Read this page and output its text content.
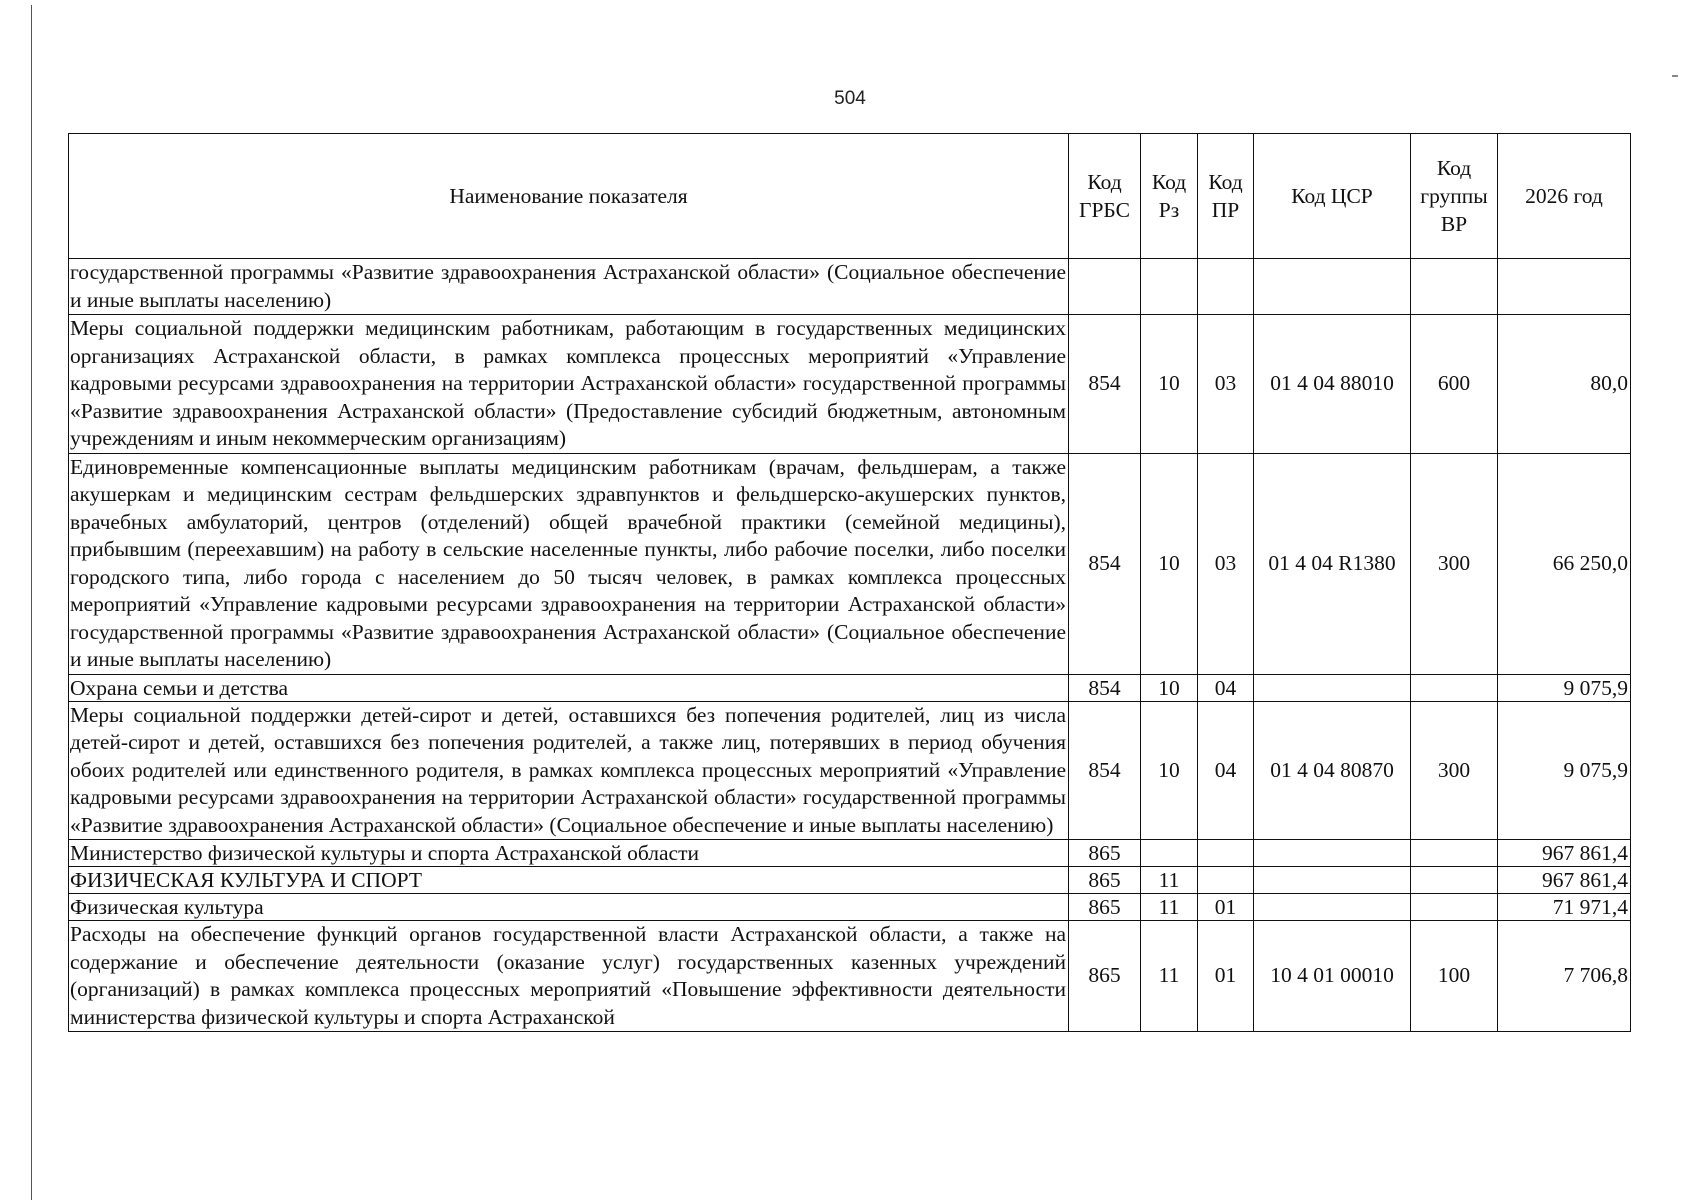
504
Наименование показателя	Код ГРБС	Код Рз	Код ПР	Код ЦСР	Код группы ВР	2026 год
государственной программы «Развитие здравоохранения Астраханской области» (Социальное обеспечение и иные выплаты населению)						
Меры социальной поддержки медицинским работникам, работающим в государственных медицинских организациях Астраханской области, в рамках комплекса процессных мероприятий «Управление кадровыми ресурсами здравоохранения на территории Астраханской области» государственной программы «Развитие здравоохранения Астраханской области» (Предоставление субсидий бюджетным, автономным учреждениям и иным некоммерческим организациям)	854	10	03	01 4 04 88010	600	80,0
Единовременные компенсационные выплаты медицинским работникам (врачам, фельдшерам, а также акушеркам и медицинским сестрам фельдшерских здравпунктов и фельдшерско-акушерских пунктов, врачебных амбулаторий, центров (отделений) общей врачебной практики (семейной медицины), прибывшим (переехавшим) на работу в сельские населенные пункты, либо рабочие поселки, либо поселки городского типа, либо города с населением до 50 тысяч человек, в рамках комплекса процессных мероприятий «Управление кадровыми ресурсами здравоохранения на территории Астраханской области» государственной программы «Развитие здравоохранения Астраханской области» (Социальное обеспечение и иные выплаты населению)	854	10	03	01 4 04 R1380	300	66 250,0
Охрана семьи и детства	854	10	04			9 075,9
Меры социальной поддержки детей-сирот и детей, оставшихся без попечения родителей, лиц из числа детей-сирот и детей, оставшихся без попечения родителей, а также лиц, потерявших в период обучения обоих родителей или единственного родителя, в рамках комплекса процессных мероприятий «Управление кадровыми ресурсами здравоохранения на территории Астраханской области» государственной программы «Развитие здравоохранения Астраханской области» (Социальное обеспечение и иные выплаты населению)	854	10	04	01 4 04 80870	300	9 075,9
Министерство физической культуры и спорта Астраханской области	865					967 861,4
ФИЗИЧЕСКАЯ КУЛЬТУРА И СПОРТ	865	11				967 861,4
Физическая культура	865	11	01			71 971,4
Расходы на обеспечение функций органов государственной власти Астраханской области, а также на содержание и обеспечение деятельности (оказание услуг) государственных казенных учреждений (организаций) в рамках комплекса процессных мероприятий «Повышение эффективности деятельности министерства физической культуры и спорта Астраханской	865	11	01	10 4 01 00010	100	7 706,8
